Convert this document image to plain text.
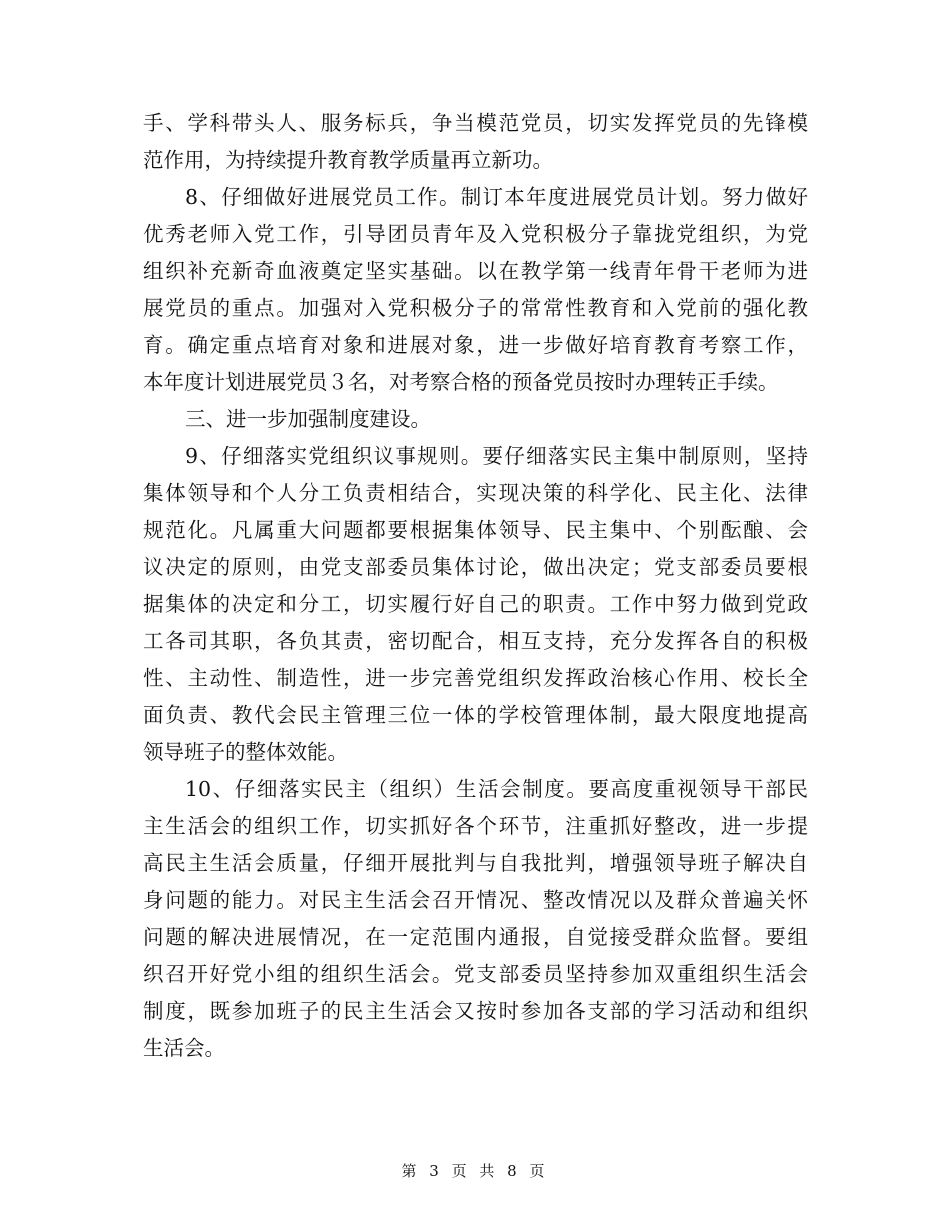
手、学科带头人、服务标兵，争当模范党员，切实发挥党员的先锋模
范作用，为持续提升教育教学质量再立新功。
8、仔细做好进展党员工作。制订本年度进展党员计划。努力做好
优秀老师入党工作，引导团员青年及入党积极分子靠拢党组织，为党
组织补充新奇血液奠定坚实基础。以在教学第一线青年骨干老师为进
展党员的重点。加强对入党积极分子的常常性教育和入党前的强化教
育。确定重点培育对象和进展对象，进一步做好培育教育考察工作，
本年度计划进展党员３名，对考察合格的预备党员按时办理转正手续。
三、进一步加强制度建设。
9、仔细落实党组织议事规则。要仔细落实民主集中制原则，坚持
集体领导和个人分工负责相结合，实现决策的科学化、民主化、法律
规范化。凡属重大问题都要根据集体领导、民主集中、个别酝酿、会
议决定的原则，由党支部委员集体讨论，做出决定；党支部委员要根
据集体的决定和分工，切实履行好自己的职责。工作中努力做到党政
工各司其职，各负其责，密切配合，相互支持，充分发挥各自的积极
性、主动性、制造性，进一步完善党组织发挥政治核心作用、校长全
面负责、教代会民主管理三位一体的学校管理体制，最大限度地提高
领导班子的整体效能。
10、仔细落实民主（组织）生活会制度。要高度重视领导干部民
主生活会的组织工作，切实抓好各个环节，注重抓好整改，进一步提
高民主生活会质量，仔细开展批判与自我批判，增强领导班子解决自
身问题的能力。对民主生活会召开情况、整改情况以及群众普遍关怀
问题的解决进展情况，在一定范围内通报，自觉接受群众监督。要组
织召开好党小组的组织生活会。党支部委员坚持参加双重组织生活会
制度，既参加班子的民主生活会又按时参加各支部的学习活动和组织
生活会。
第 3 页 共 8 页
